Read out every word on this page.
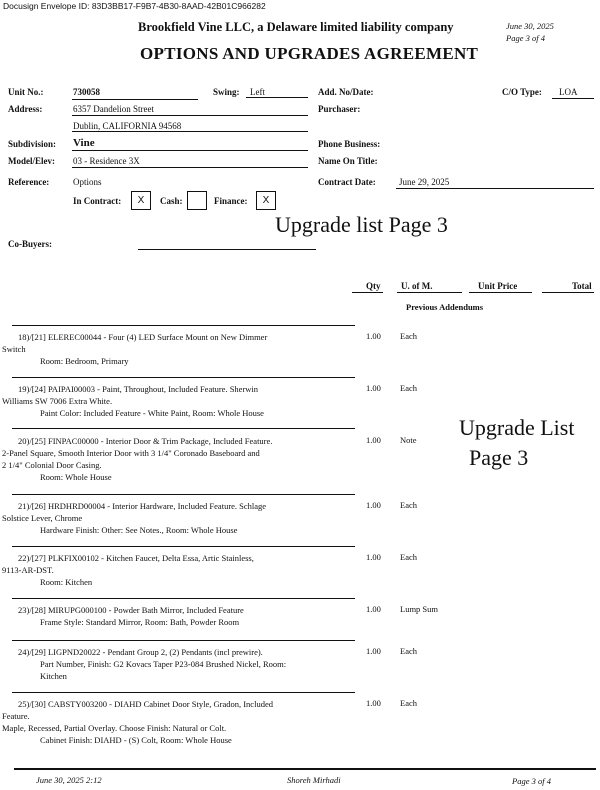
Docusign Envelope ID: 83D3BB17-F9B7-4B30-8AAD-42B01C966282
Brookfield Vine LLC, a Delaware limited liability company
OPTIONS AND UPGRADES AGREEMENT
June 30, 2025
Page 3 of 4
Unit No.:	730058	Swing: Left	Add. No/Date:	C/O Type: LOA
Address:	6357 Dandelion Street	Purchaser:
Dublin, CALIFORNIA 94568
Subdivision: Vine	Phone Business:
Model/Elev: 03 - Residence 3X	Name On Title:
Reference:	Options	Contract Date:	June 29, 2025
In Contract:	X	Cash:	Finance:	X
Upgrade list Page 3
Co-Buyers:
Qty U. of M.	Unit Price	Total
Previous Addendums
Upgrade List
Page 3
18)/[21] ELEREC00044 - Four (4) LED Surface Mount on New Dimmer
Switch
Room: Bedroom, Primary
1.00 Each
19)/[24] PAIPAI00003 - Paint, Throughout, Included Feature. Sherwin
Williams SW 7006 Extra White.
Paint Color: Included Feature - White Paint, Room: Whole House
1.00 Each
20)/[25] FINPAC00000 - Interior Door & Trim Package, Included Feature.
2-Panel Square, Smooth Interior Door with 3 1/4" Coronado Baseboard and
2 1/4" Colonial Door Casing.
Room: Whole House
1.00 Note
21)/[26] HRDHRD00004 - Interior Hardware, Included Feature. Schlage
Solstice Lever, Chrome
Hardware Finish: Other: See Notes., Room: Whole House
1.00 Each
22)/[27] PLKFIX00102 - Kitchen Faucet, Delta Essa, Artic Stainless,
9113-AR-DST.
Room: Kitchen
1.00 Each
23)/[28] MIRUPG000100 - Powder Bath Mirror, Included Feature
Frame Style: Standard Mirror, Room: Bath, Powder Room
1.00 Lump Sum
24)/[29] LIGPND20022 - Pendant Group 2, (2) Pendants (incl prewire).
Part Number, Finish: G2 Kovacs Taper P23-084 Brushed Nickel, Room:
Kitchen
1.00 Each
25)/[30] CABSTY003200 - DIAHD Cabinet Door Style, Gradon, Included
Feature.
Maple, Recessed, Partial Overlay. Choose Finish: Natural or Colt.
Cabinet Finish: DIAHD - (S) Colt, Room: Whole House
1.00 Each
June 30, 2025 2:12	Shoreh Mirhadi	Page 3 of 4
